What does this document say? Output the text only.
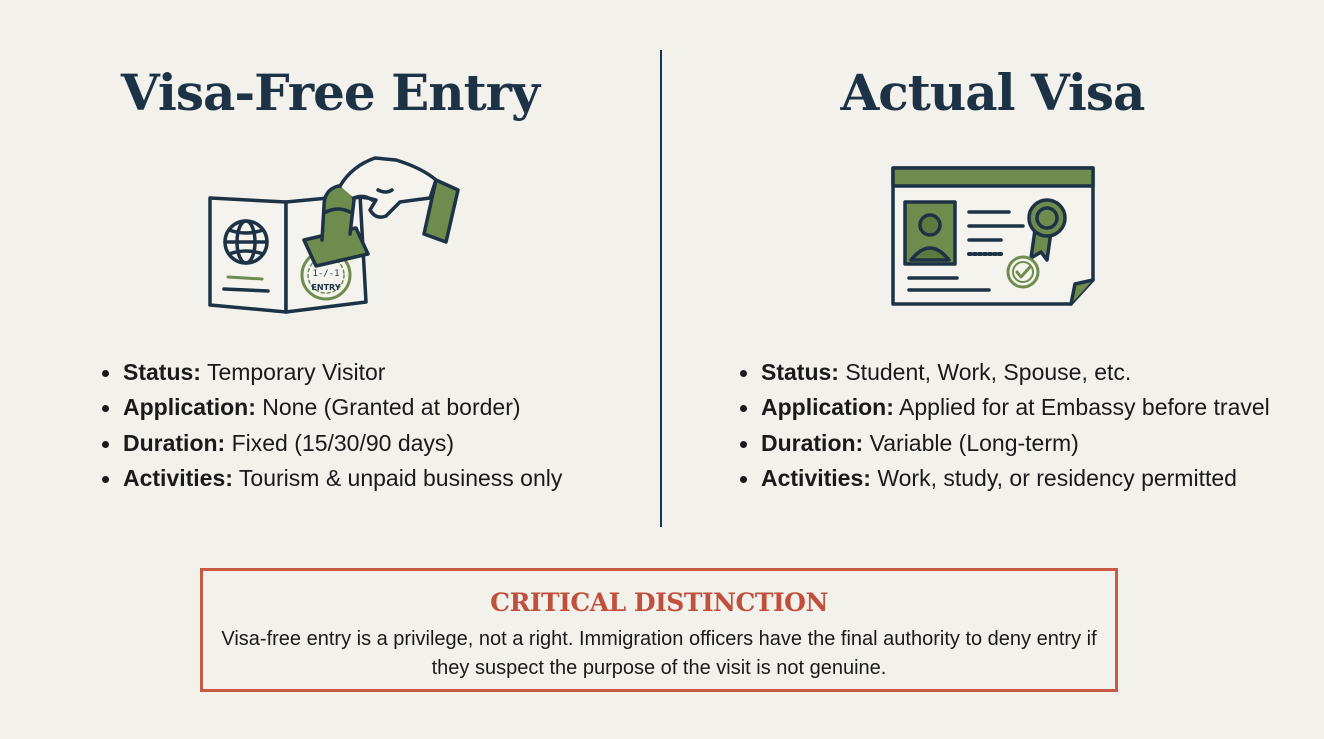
Visa-Free Entry	Actual Visa
ENTRY
1-/-1
Status: Temporary Visitor
Application: None (Granted at border)
Duration: Fixed (15/30/90 days)
Activities: Tourism & unpaid business only
Status: Student, Work, Spouse, etc.
Application: Applied for at Embassy before travel
Duration: Variable (Long-term)
Activities: Work, study, or residency permitted
CRITICAL DISTINCTION
Visa-free entry is a privilege, not a right. Immigration officers have the final authority to deny entry if they suspect the purpose of the visit is not genuine.
